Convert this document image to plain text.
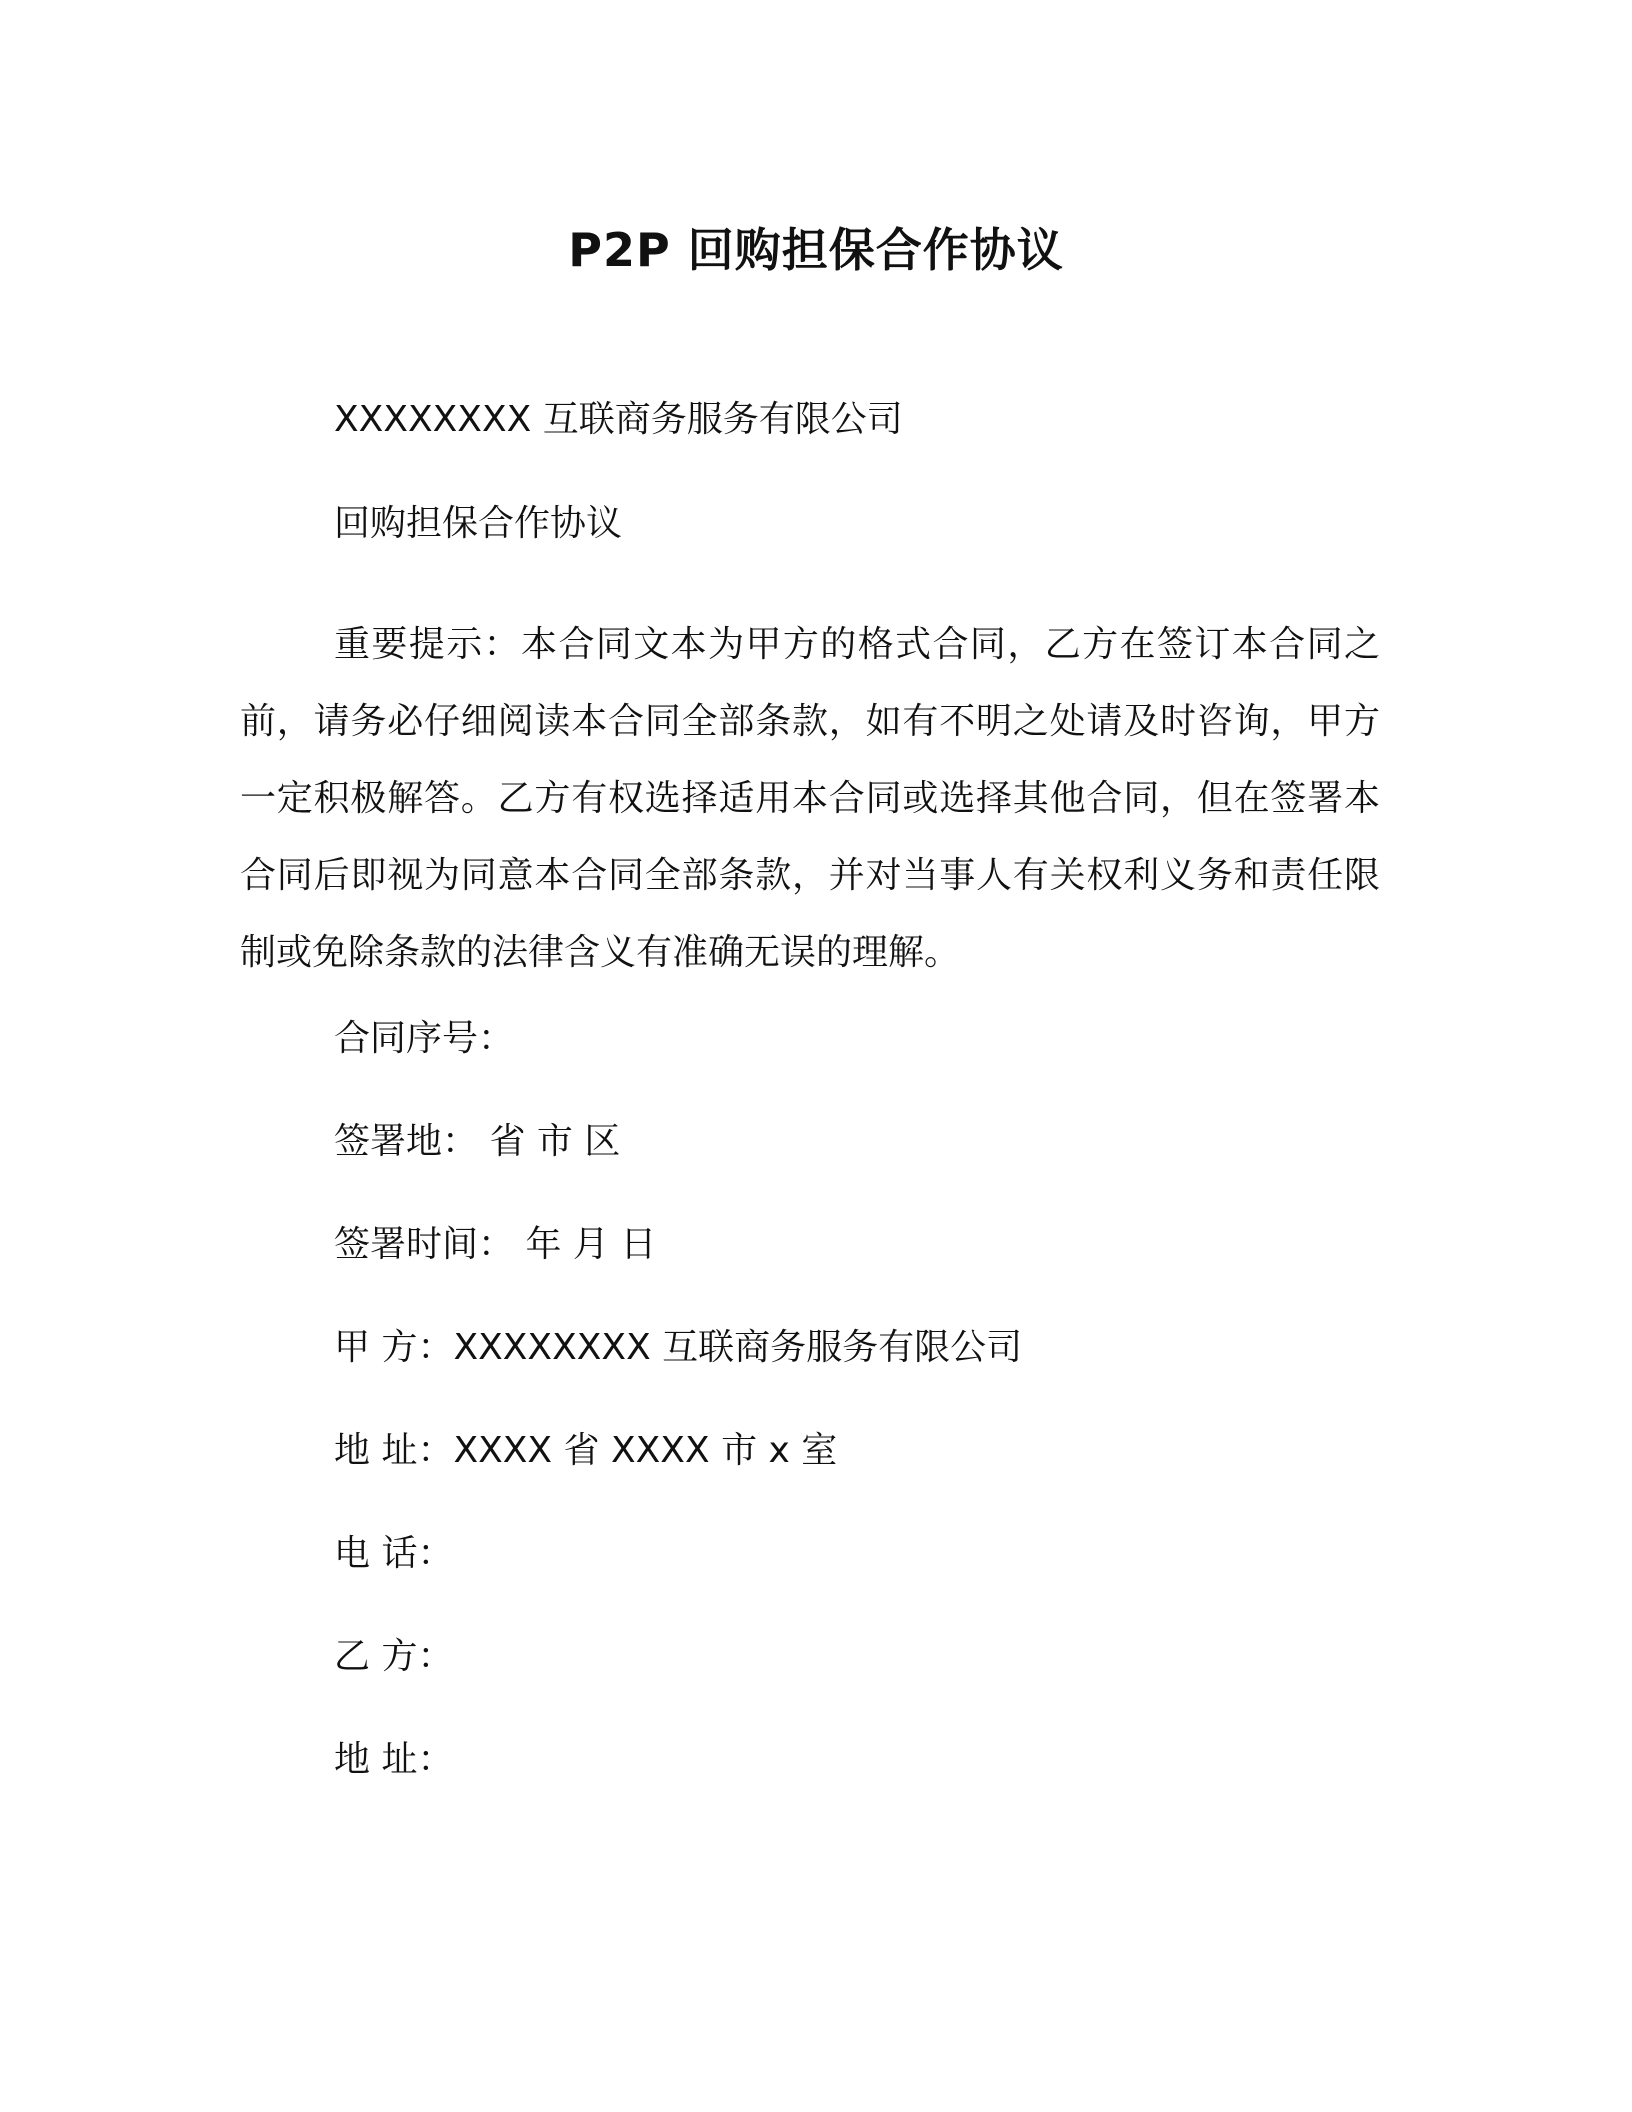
P2P 回购担保合作协议
XXXXXXXX 互联商务服务有限公司
回购担保合作协议
重要提示：本合同文本为甲方的格式合同，乙方在签订本合同之前，请务必仔细阅读本合同全部条款，如有不明之处请及时咨询，甲方一定积极解答。乙方有权选择适用本合同或选择其他合同，但在签署本合同后即视为同意本合同全部条款，并对当事人有关权利义务和责任限制或免除条款的法律含义有准确无误的理解。
合同序号：
签署地： 省 市 区
签署时间： 年 月 日
甲 方：XXXXXXXX 互联商务服务有限公司
地 址：XXXX 省 XXXX 市 x 室
电 话：
乙 方：
地 址：
